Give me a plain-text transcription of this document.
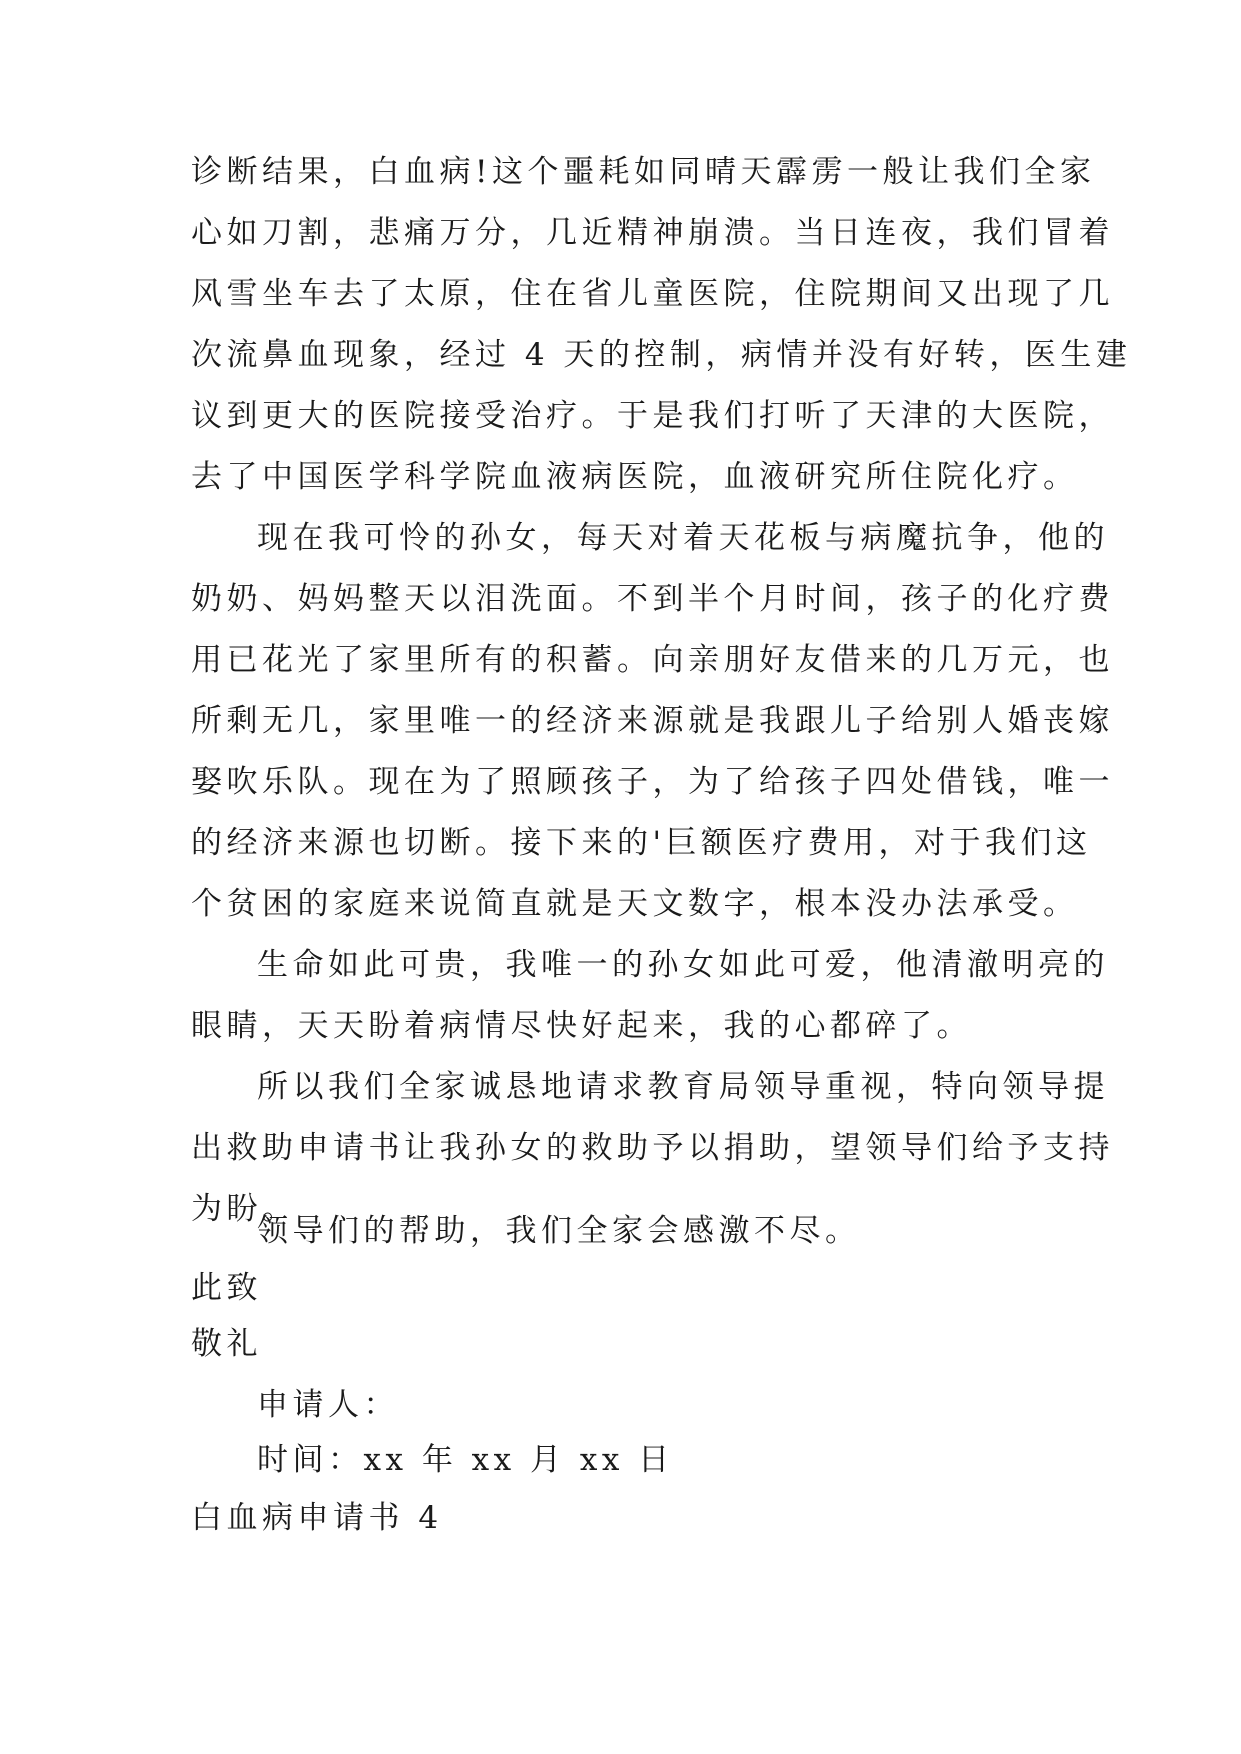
诊断结果，白血病!这个噩耗如同晴天霹雳一般让我们全家
心如刀割，悲痛万分，几近精神崩溃。当日连夜，我们冒着
风雪坐车去了太原，住在省儿童医院，住院期间又出现了几
次流鼻血现象，经过 4 天的控制，病情并没有好转，医生建
议到更大的医院接受治疗。于是我们打听了天津的大医院，
去了中国医学科学院血液病医院，血液研究所住院化疗。
现在我可怜的孙女，每天对着天花板与病魔抗争，他的
奶奶、妈妈整天以泪洗面。不到半个月时间，孩子的化疗费
用已花光了家里所有的积蓄。向亲朋好友借来的几万元，也
所剩无几，家里唯一的经济来源就是我跟儿子给别人婚丧嫁
娶吹乐队。现在为了照顾孩子，为了给孩子四处借钱，唯一
的经济来源也切断。接下来的'巨额医疗费用，对于我们这
个贫困的家庭来说简直就是天文数字，根本没办法承受。
生命如此可贵，我唯一的孙女如此可爱，他清澈明亮的
眼睛，天天盼着病情尽快好起来，我的心都碎了。
所以我们全家诚恳地请求教育局领导重视，特向领导提
出救助申请书让我孙女的救助予以捐助，望领导们给予支持
为盼。
领导们的帮助，我们全家会感激不尽。
此致
敬礼
申请人：
时间：xx 年 xx 月 xx 日
白血病申请书 4
